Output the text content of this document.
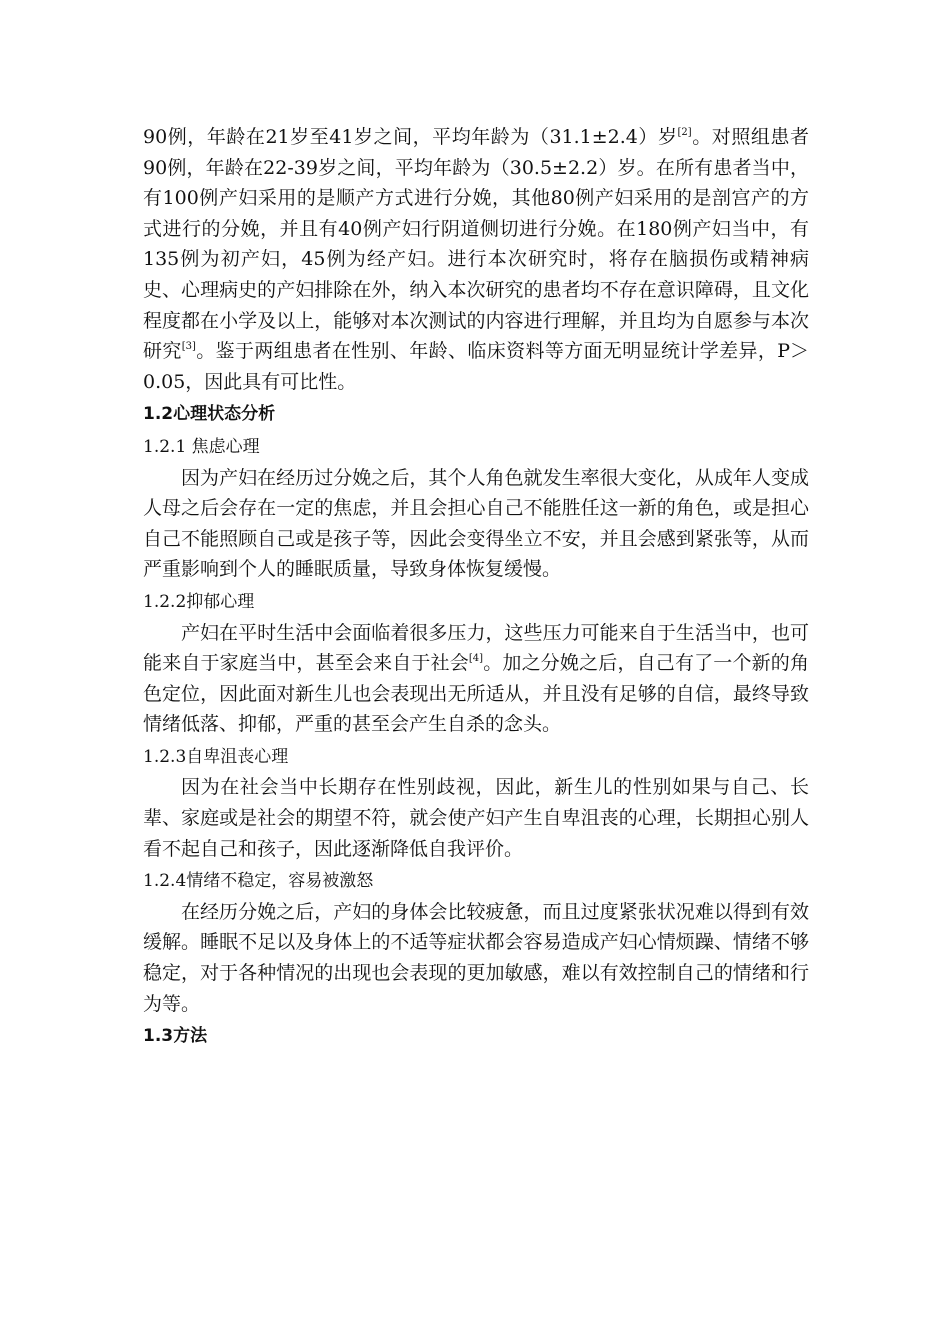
90例，年龄在21岁至41岁之间，平均年龄为（31.1±2.4）岁[2]。对照组患者90例，年龄在22-39岁之间，平均年龄为（30.5±2.2）岁。在所有患者当中，有100例产妇采用的是顺产方式进行分娩，其他80例产妇采用的是剖宫产的方式进行的分娩，并且有40例产妇行阴道侧切进行分娩。在180例产妇当中，有135例为初产妇，45例为经产妇。进行本次研究时，将存在脑损伤或精神病史、心理病史的产妇排除在外，纳入本次研究的患者均不存在意识障碍，且文化程度都在小学及以上，能够对本次测试的内容进行理解，并且均为自愿参与本次研究[3]。鉴于两组患者在性别、年龄、临床资料等方面无明显统计学差异，P＞0.05，因此具有可比性。

1.2心理状态分析
1.2.1 焦虑心理

因为产妇在经历过分娩之后，其个人角色就发生率很大变化，从成年人变成人母之后会存在一定的焦虑，并且会担心自己不能胜任这一新的角色，或是担心自己不能照顾自己或是孩子等，因此会变得坐立不安，并且会感到紧张等，从而严重影响到个人的睡眠质量，导致身体恢复缓慢。

1.2.2抑郁心理

产妇在平时生活中会面临着很多压力，这些压力可能来自于生活当中，也可能来自于家庭当中，甚至会来自于社会[4]。加之分娩之后，自己有了一个新的角色定位，因此面对新生儿也会表现出无所适从，并且没有足够的自信，最终导致情绪低落、抑郁，严重的甚至会产生自杀的念头。

1.2.3自卑沮丧心理

因为在社会当中长期存在性别歧视，因此，新生儿的性别如果与自己、长辈、家庭或是社会的期望不符，就会使产妇产生自卑沮丧的心理，长期担心别人看不起自己和孩子，因此逐渐降低自我评价。

1.2.4情绪不稳定，容易被激怒

在经历分娩之后，产妇的身体会比较疲惫，而且过度紧张状况难以得到有效缓解。睡眠不足以及身体上的不适等症状都会容易造成产妇心情烦躁、情绪不够稳定，对于各种情况的出现也会表现的更加敏感，难以有效控制自己的情绪和行为等。

1.3方法
